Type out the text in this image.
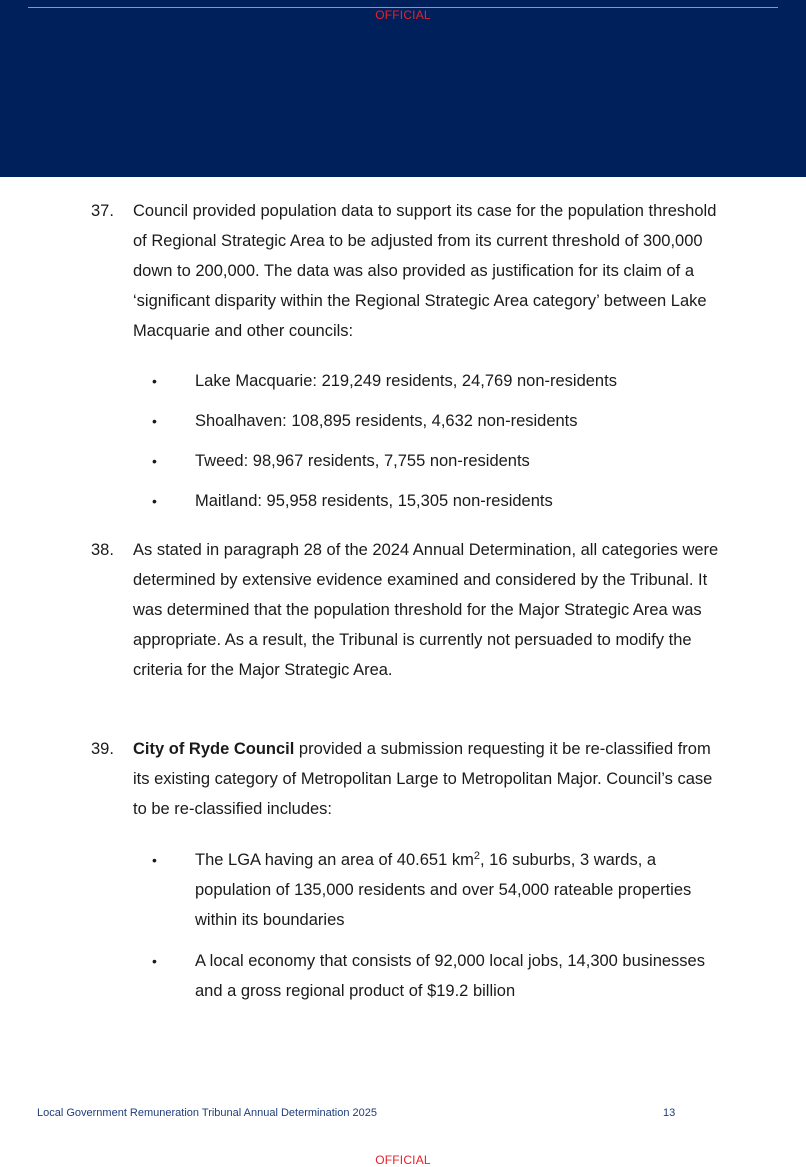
OFFICIAL
37. Council provided population data to support its case for the population threshold of Regional Strategic Area to be adjusted from its current threshold of 300,000 down to 200,000. The data was also provided as justification for its claim of a ‘significant disparity within the Regional Strategic Area category’ between Lake Macquarie and other councils:
• Lake Macquarie: 219,249 residents, 24,769 non-residents
• Shoalhaven: 108,895 residents, 4,632 non-residents
• Tweed: 98,967 residents, 7,755 non-residents
• Maitland: 95,958 residents, 15,305 non-residents
38. As stated in paragraph 28 of the 2024 Annual Determination, all categories were determined by extensive evidence examined and considered by the Tribunal. It was determined that the population threshold for the Major Strategic Area was appropriate. As a result, the Tribunal is currently not persuaded to modify the criteria for the Major Strategic Area.
39. City of Ryde Council provided a submission requesting it be re-classified from its existing category of Metropolitan Large to Metropolitan Major. Council’s case to be re-classified includes:
• The LGA having an area of 40.651 $km^2$, 16 suburbs, 3 wards, a population of 135,000 residents and over 54,000 rateable properties within its boundaries
• A local economy that consists of 92,000 local jobs, 14,300 businesses and a gross regional product of $19.2 billion
Local Government Remuneration Tribunal Annual Determination 2025	13
OFFICIAL
